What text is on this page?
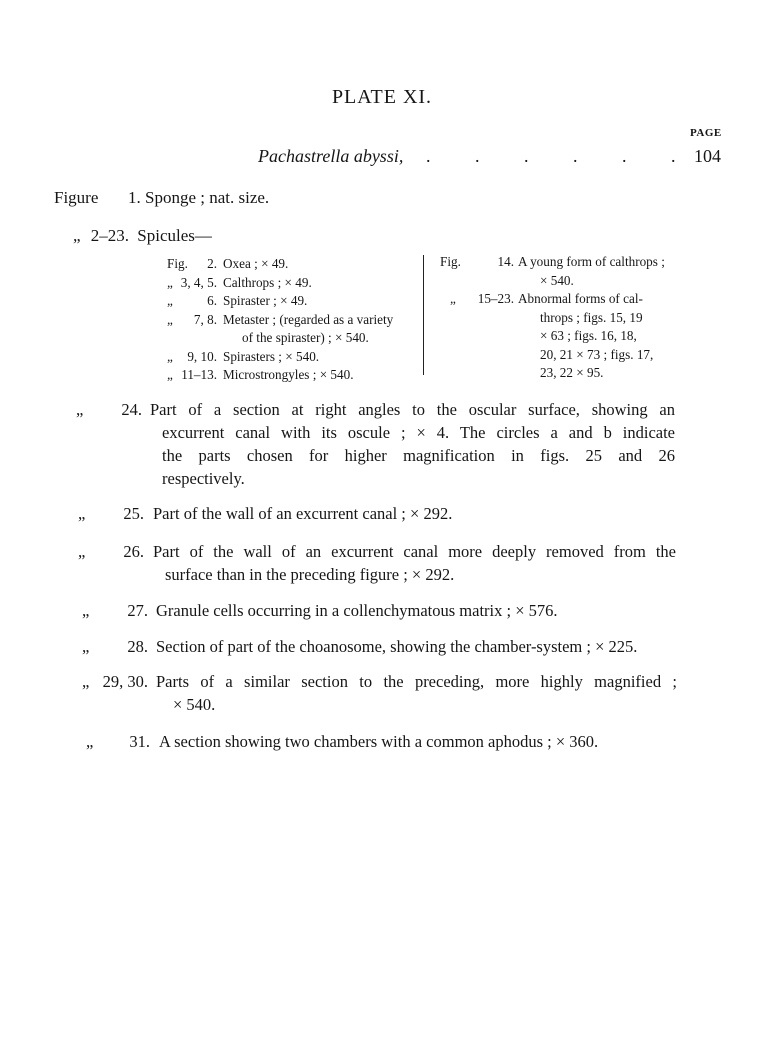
PLATE XI.
PAGE
Pachastrella abyssi, . . . . . . 104
Figure 1. Sponge ; nat. size.
„ 2–23. Spicules—
Fig.	2. Oxea ; × 49.
„ 3, 4, 5. Calthrops ; × 49.
„	6. Spiraster ; × 49.
„	7, 8. Metaster ; (regarded as a variety
of the spiraster) ; × 540.
„	9, 10. Spirasters ; × 540.
„ 11–13. Microstrongyles ; × 540.
Fig.	14. A young form of calthrops ;
× 540.
„	15–23. Abnormal forms of cal-
throps ; figs. 15, 19
× 63 ; figs. 16, 18,
20, 21 × 73 ; figs. 17,
23, 22 × 95.
„	24. Part of a section at right angles to the oscular surface, showing an
excurrent canal with its oscule ; × 4. The circles a and b indicate
the parts chosen for higher magnification in figs. 25 and 26
respectively.
„	25. Part of the wall of an excurrent canal ; × 292.
„	26. Part of the wall of an excurrent canal more deeply removed from the
surface than in the preceding figure ; × 292.
„	27. Granule cells occurring in a collenchymatous matrix ; × 576.
„	28. Section of part of the choanosome, showing the chamber-system ; × 225.
„ 29, 30. Parts of a similar section to the preceding, more highly magnified ;
× 540.
„	31. A section showing two chambers with a common aphodus ; × 360.
